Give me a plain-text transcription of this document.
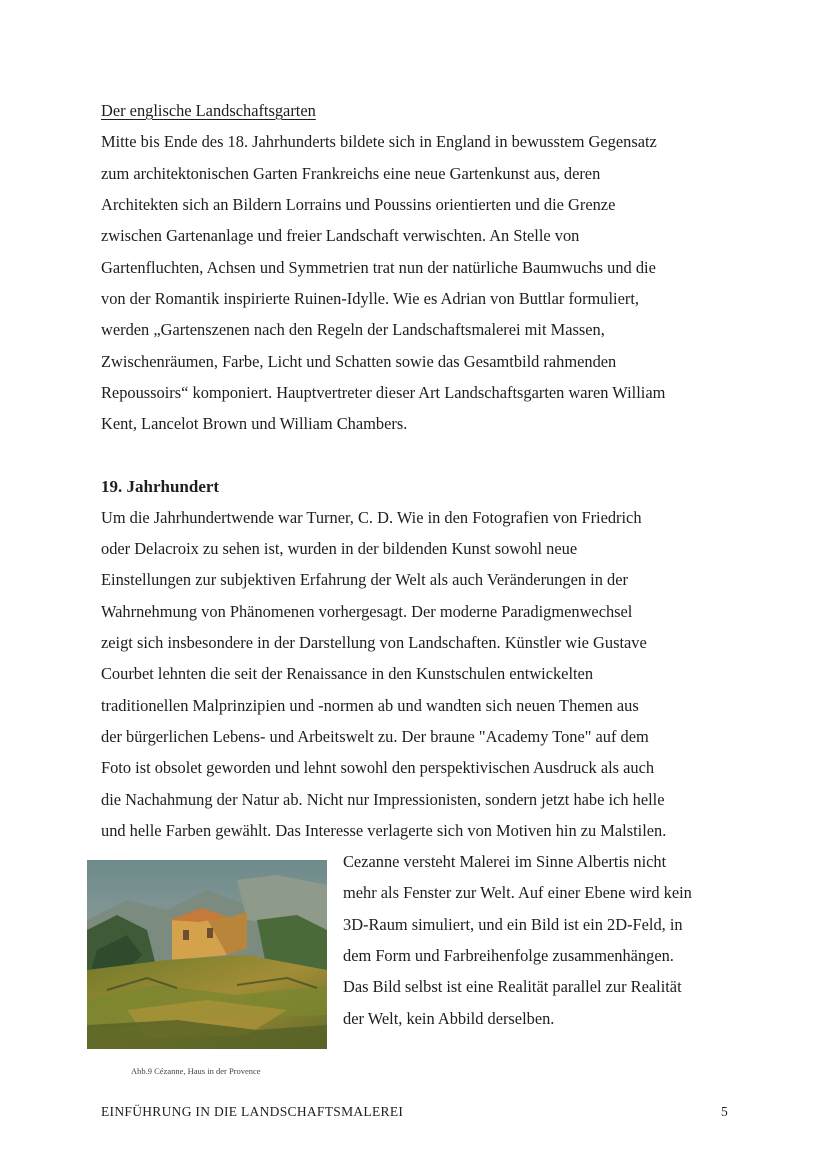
Der englische Landschaftsgarten
Mitte bis Ende des 18. Jahrhunderts bildete sich in England in bewusstem Gegensatz
zum architektonischen Garten Frankreichs eine neue Gartenkunst aus, deren
Architekten sich an Bildern Lorrains und Poussins orientierten und die Grenze
zwischen Gartenanlage und freier Landschaft verwischten. An Stelle von
Gartenfluchten, Achsen und Symmetrien trat nun der natürliche Baumwuchs und die
von der Romantik inspirierte Ruinen-Idylle. Wie es Adrian von Buttlar formuliert,
werden „Gartenszenen nach den Regeln der Landschaftsmalerei mit Massen,
Zwischenräumen, Farbe, Licht und Schatten sowie das Gesamtbild rahmenden
Repoussoirs“ komponiert. Hauptvertreter dieser Art Landschaftsgarten waren William
Kent, Lancelot Brown und William Chambers.
19. Jahrhundert
Um die Jahrhundertwende war Turner, C. D. Wie in den Fotografien von Friedrich
oder Delacroix zu sehen ist, wurden in der bildenden Kunst sowohl neue
Einstellungen zur subjektiven Erfahrung der Welt als auch Veränderungen in der
Wahrnehmung von Phänomenen vorhergesagt. Der moderne Paradigmenwechsel
zeigt sich insbesondere in der Darstellung von Landschaften. Künstler wie Gustave
Courbet lehnten die seit der Renaissance in den Kunstschulen entwickelten
traditionellen Malprinzipien und -normen ab und wandten sich neuen Themen aus
der bürgerlichen Lebens- und Arbeitswelt zu. Der braune "Academy Tone" auf dem
Foto ist obsolet geworden und lehnt sowohl den perspektivischen Ausdruck als auch
die Nachahmung der Natur ab. Nicht nur Impressionisten, sondern jetzt habe ich helle
und helle Farben gewählt. Das Interesse verlagerte sich von Motiven hin zu Malstilen.
Cezanne versteht Malerei im Sinne Albertis nicht
mehr als Fenster zur Welt. Auf einer Ebene wird kein
3D-Raum simuliert, und ein Bild ist ein 2D-Feld, in
dem Form und Farbreihenfolge zusammenhängen.
Das Bild selbst ist eine Realität parallel zur Realität
der Welt, kein Abbild derselben.
Abb.9 Cézanne, Haus in der Provence
EINFÜHRUNG IN DIE LANDSCHAFTSMALEREI	5
